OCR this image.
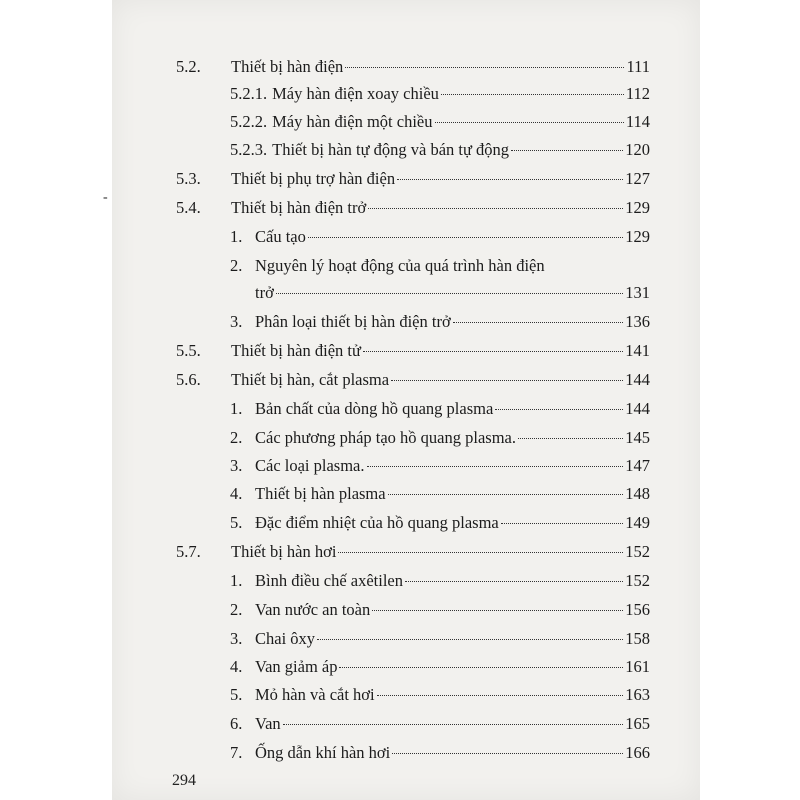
5.2.	Thiết bị hàn điện	111
5.2.1. Máy hàn điện xoay chiều	112
5.2.2. Máy hàn điện một chiều	114
5.2.3. Thiết bị hàn tự động và bán tự động	120
5.3.	Thiết bị phụ trợ hàn điện	127
5.4.	Thiết bị hàn điện trở	129
1. Cấu tạo	129
2. Nguyên lý hoạt động của quá trình hàn điện
trở	131
3. Phân loại thiết bị hàn điện trở	136
5.5.	Thiết bị hàn điện tử	141
5.6.	Thiết bị hàn, cắt plasma	144
1. Bản chất của dòng hồ quang plasma	144
2. Các phương pháp tạo hồ quang plasma.	145
3. Các loại plasma.	147
4. Thiết bị hàn plasma	148
5. Đặc điểm nhiệt của hồ quang plasma	149
5.7.	Thiết bị hàn hơi	152
1. Bình điều chế axêtilen	152
2. Van nước an toàn	156
3. Chai ôxy	158
4. Van giảm áp	161
5. Mỏ hàn và cắt hơi	163
6. Van	165
7. Ống dẫn khí hàn hơi	166
-
294
